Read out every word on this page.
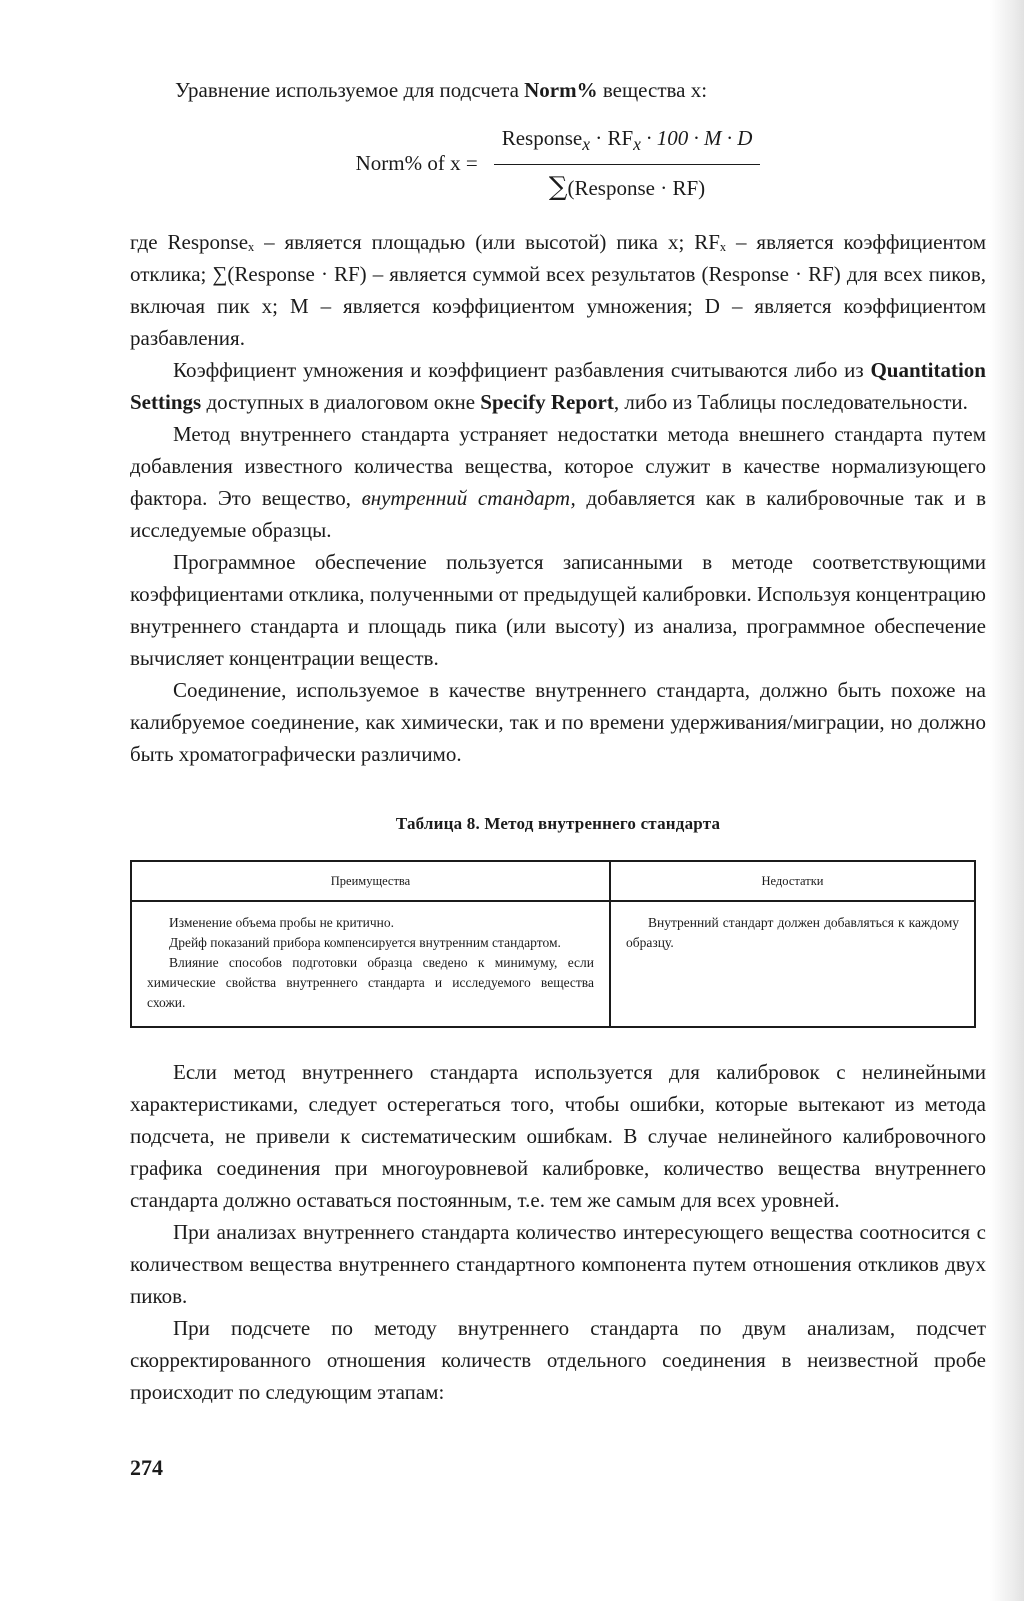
Уравнение используемое для подсчета Norm% вещества х:

Norm% of $x = \frac{Response_x \cdot RF_x \cdot 100 \cdot M \cdot D}{\text{∑(Response · RF)}}$

где Responseₓ – является площадью (или высотой) пика х; RFₓ – является коэффициентом отклика; ∑(Response · RF) – является суммой всех результатов (Response · RF) для всех пиков, включая пик х; M – является коэффициентом умножения; D – является коэффициентом разбавления.

Коэффициент умножения и коэффициент разбавления считываются либо из Quantitation Settings доступных в диалоговом окне Specify Report, либо из Таблицы последовательности.

Метод внутреннего стандарта устраняет недостатки метода внешнего стандарта путем добавления известного количества вещества, которое служит в качестве нормализующего фактора. Это вещество, внутренний стандарт, добавляется как в калибровочные так и в исследуемые образцы.

Программное обеспечение пользуется записанными в методе соответствующими коэффициентами отклика, полученными от предыдущей калибровки. Используя концентрацию внутреннего стандарта и площадь пика (или высоту) из анализа, программное обеспечение вычисляет концентрации веществ.

Соединение, используемое в качестве внутреннего стандарта, должно быть похоже на калибруемое соединение, как химически, так и по времени удерживания/миграции, но должно быть хроматографически различимо.

Таблица 8. Метод внутреннего стандарта
Преимущества	Недостатки

Изменение объема пробы не критично.

Дрейф показаний прибора компенсируется внутренним стандартом.

Влияние способов подготовки образца сведено к минимуму, если химические свойства внутреннего стандарта и исследуемого вещества схожи.	Внутренний стандарт должен добавляться к каждому образцу.

Если метод внутреннего стандарта используется для калибровок с нелинейными характеристиками, следует остерегаться того, чтобы ошибки, которые вытекают из метода подсчета, не привели к систематическим ошибкам. В случае нелинейного калибровочного графика соединения при многоуровневой калибровке, количество вещества внутреннего стандарта должно оставаться постоянным, т.е. тем же самым для всех уровней.

При анализах внутреннего стандарта количество интересующего вещества соотносится с количеством вещества внутреннего стандартного компонента путем отношения откликов двух пиков.

При подсчете по методу внутреннего стандарта по двум анализам, подсчет скорректированного отношения количеств отдельного соединения в неизвестной пробе происходит по следующим этапам:

274
